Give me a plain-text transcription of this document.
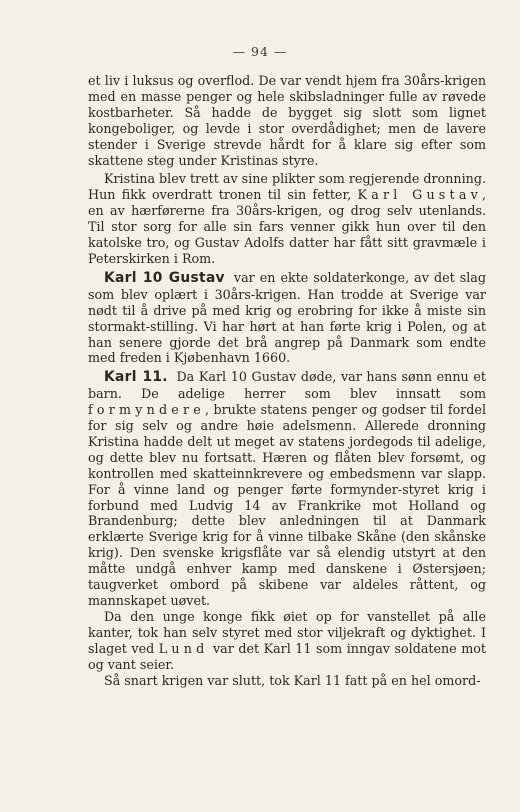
— 94 —

et liv i luksus og overflod. De var vendt hjem fra 30års-krigen med en masse penger og hele skibsladninger fulle av røvede kostbarheter. Så hadde de bygget sig slott som lignet kongeboliger, og levde i stor overdådighet; men de lavere stender i Sverige strevde hårdt for å klare sig efter som skattene steg under Kristinas styre.

Kristina blev trett av sine plikter som regjerende dronning. Hun fikk overdratt tronen til sin fetter, Karl Gustav, en av hærførerne fra 30års-krigen, og drog selv utenlands. Til stor sorg for alle sin fars venner gikk hun over til den katolske tro, og Gustav Adolfs datter har fått sitt gravmæle i Peterskirken i Rom.

Karl 10 Gustav var en ekte soldaterkonge, av det slag som blev oplært i 30års-krigen. Han trodde at Sverige var nødt til å drive på med krig og erobring for ikke å miste sin stormakt-stilling. Vi har hørt at han førte krig i Polen, og at han senere gjorde det brå angrep på Danmark som endte med freden i Kjøbenhavn 1660.

Karl 11. Da Karl 10 Gustav døde, var hans sønn ennu et barn. De adelige herrer som blev innsatt som formyndere, brukte statens penger og godser til fordel for sig selv og andre høie adelsmenn. Allerede dronning Kristina hadde delt ut meget av statens jordegods til adelige, og dette blev nu fortsatt. Hæren og flåten blev forsømt, og kontrollen med skatteinnkrevere og embedsmenn var slapp. For å vinne land og penger førte formynder-styret krig i forbund med Ludvig 14 av Frankrike mot Holland og Brandenburg; dette blev anledningen til at Danmark erklærte Sverige krig for å vinne tilbake Skåne (den skånske krig). Den svenske krigsflåte var så elendig utstyrt at den måtte undgå enhver kamp med danskene i Østersjøen; taugverket ombord på skibene var aldeles råttent, og mannskapet uøvet.

Da den unge konge fikk øiet op for vanstellet på alle kanter, tok han selv styret med stor viljekraft og dyktighet. I slaget ved Lund var det Karl 11 som inngav soldatene mot og vant seier.

Så snart krigen var slutt, tok Karl 11 fatt på en hel omord-
